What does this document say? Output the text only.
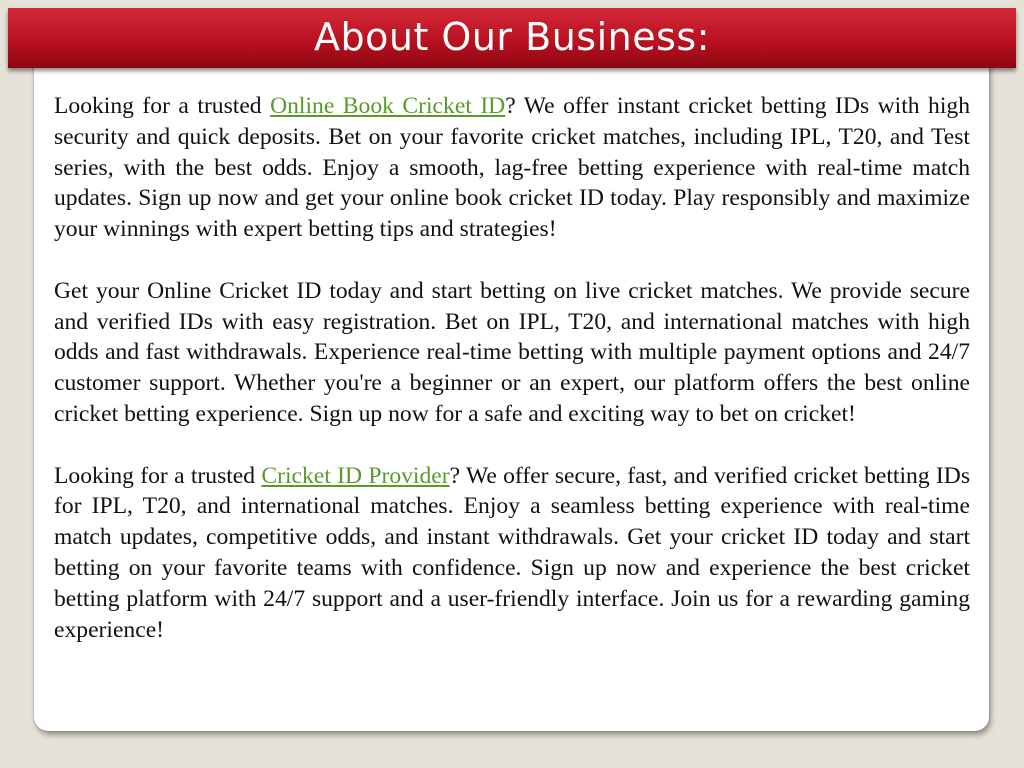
About Our Business:

Looking for a trusted Online Book Cricket ID? We offer instant cricket betting IDs with high security and quick deposits. Bet on your favorite cricket matches, including IPL, T20, and Test series, with the best odds. Enjoy a smooth, lag-free betting experience with real-time match updates. Sign up now and get your online book cricket ID today. Play responsibly and maximize your winnings with expert betting tips and strategies!

Get your Online Cricket ID today and start betting on live cricket matches. We provide secure and verified IDs with easy registration. Bet on IPL, T20, and international matches with high odds and fast withdrawals. Experience real-time betting with multiple payment options and 24/7 customer support. Whether you're a beginner or an expert, our platform offers the best online cricket betting experience. Sign up now for a safe and exciting way to bet on cricket!

Looking for a trusted Cricket ID Provider? We offer secure, fast, and verified cricket betting IDs for IPL, T20, and international matches. Enjoy a seamless betting experience with real-time match updates, competitive odds, and instant withdrawals. Get your cricket ID today and start betting on your favorite teams with confidence. Sign up now and experience the best cricket betting platform with 24/7 support and a user-friendly interface. Join us for a rewarding gaming experience!
